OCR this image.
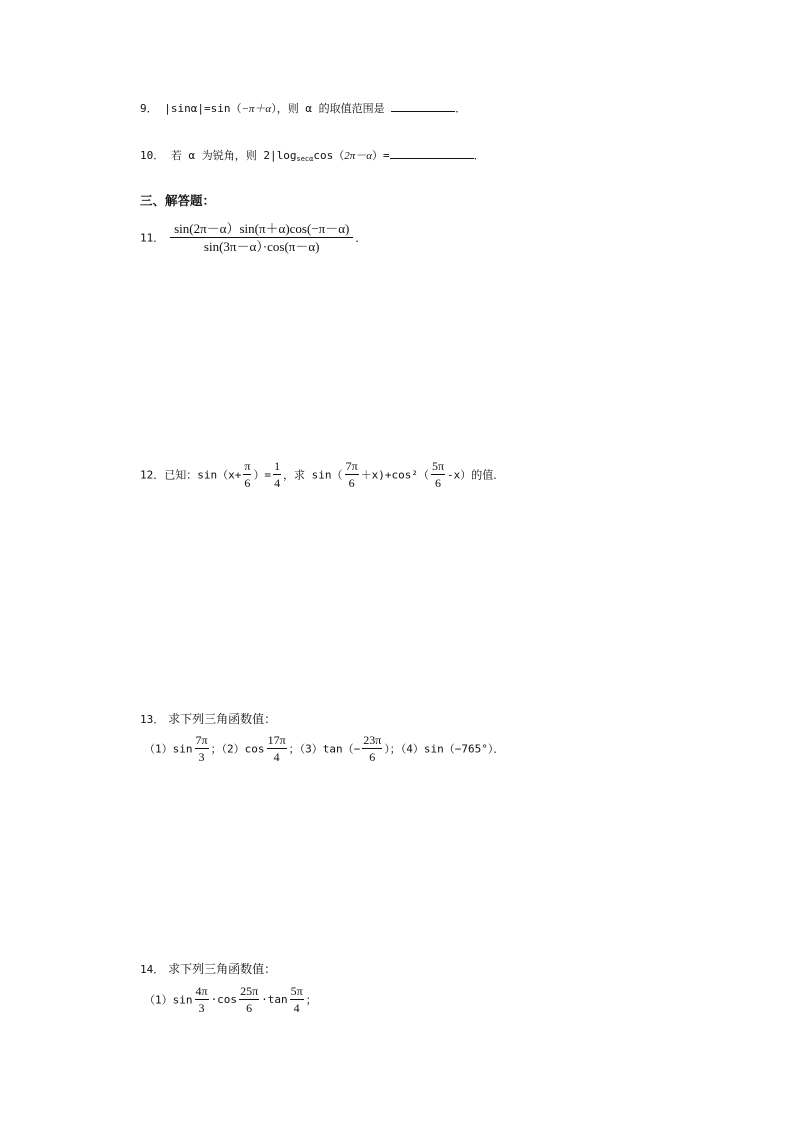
9． |sinα|=sin（−π＋α），则 α 的取值范围是	．
10． 若 α 为锐角，则 $2|\log_{sec\alpha}\cos(2\pi-\alpha)=$	．
三、解答题：
11． $\frac{\sin(2\pi-\alpha)\sin(\pi+\alpha)\cos(-\pi-\alpha)}{\sin(3\pi-\alpha)\cdot\cos(\pi-\alpha)}$ ．
12．已知：$\sin(x+ \frac{\pi}{6}$ ）= $\frac{1}{4}$ ，求 $\sin( \frac{7\pi}{6} +x)+\cos^2( \frac{5\pi}{6} -x)$的值．
13． 求下列三角函数值：
$(1)\sin \frac{7\pi}{3}$ ；$(2)\cos \frac{17\pi}{4}$ ；$(3)\tan(- \frac{23\pi}{6}$ ）；（4）sin（−765°）．
14． 求下列三角函数值：
$(1)\sin \frac{4\pi}{3} \cdot\cos \frac{25\pi}{6} \cdot\tan \frac{5\pi}{4}$ ；
